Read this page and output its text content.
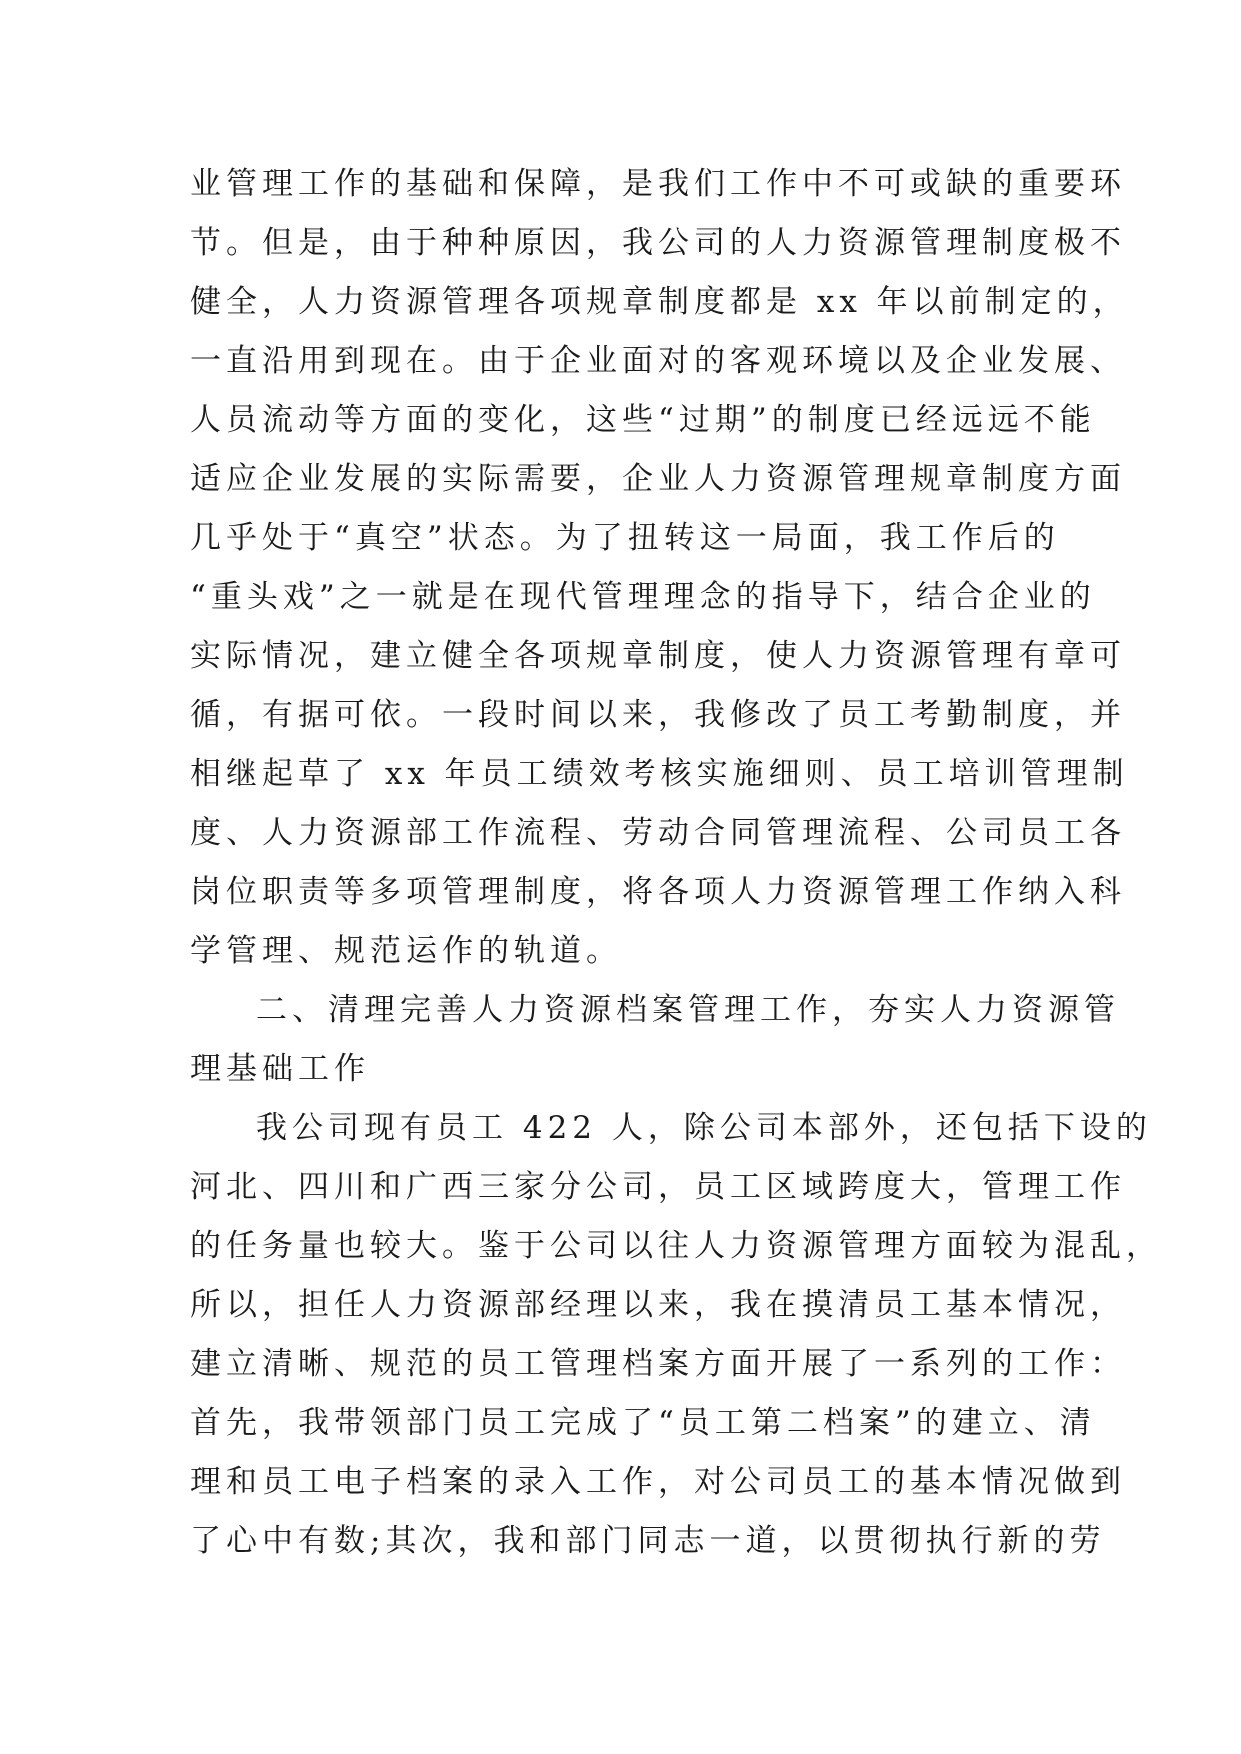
业管理工作的基础和保障，是我们工作中不可或缺的重要环
节。但是，由于种种原因，我公司的人力资源管理制度极不
健全，人力资源管理各项规章制度都是 xx 年以前制定的，
一直沿用到现在。由于企业面对的客观环境以及企业发展、
人员流动等方面的变化，这些“过期”的制度已经远远不能
适应企业发展的实际需要，企业人力资源管理规章制度方面
几乎处于“真空”状态。为了扭转这一局面，我工作后的
“重头戏”之一就是在现代管理理念的指导下，结合企业的
实际情况，建立健全各项规章制度，使人力资源管理有章可
循，有据可依。一段时间以来，我修改了员工考勤制度，并
相继起草了 xx 年员工绩效考核实施细则、员工培训管理制
度、人力资源部工作流程、劳动合同管理流程、公司员工各
岗位职责等多项管理制度，将各项人力资源管理工作纳入科
学管理、规范运作的轨道。
二、清理完善人力资源档案管理工作，夯实人力资源管
理基础工作
我公司现有员工 422 人，除公司本部外，还包括下设的
河北、四川和广西三家分公司，员工区域跨度大，管理工作
的任务量也较大。鉴于公司以往人力资源管理方面较为混乱，
所以，担任人力资源部经理以来，我在摸清员工基本情况，
建立清晰、规范的员工管理档案方面开展了一系列的工作：
首先，我带领部门员工完成了“员工第二档案”的建立、清
理和员工电子档案的录入工作，对公司员工的基本情况做到
了心中有数;其次，我和部门同志一道，以贯彻执行新的劳
